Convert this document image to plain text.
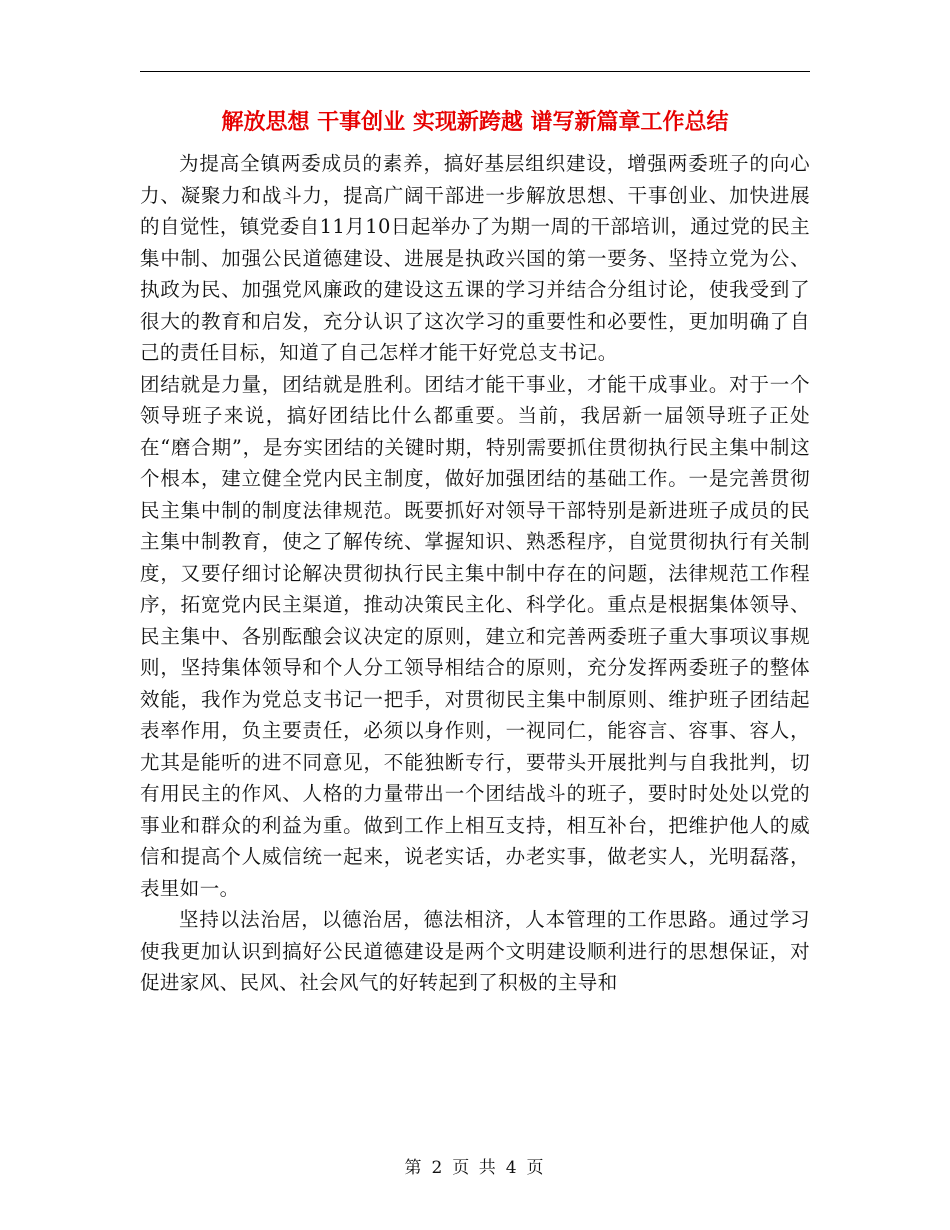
解放思想 干事创业 实现新跨越 谱写新篇章工作总结

为提高全镇两委成员的素养，搞好基层组织建设，增强两委班子的向心力、凝聚力和战斗力，提高广阔干部进一步解放思想、干事创业、加快进展的自觉性，镇党委自11月10日起举办了为期一周的干部培训，通过党的民主集中制、加强公民道德建设、进展是执政兴国的第一要务、坚持立党为公、执政为民、加强党风廉政的建设这五课的学习并结合分组讨论，使我受到了很大的教育和启发，充分认识了这次学习的重要性和必要性，更加明确了自己的责任目标，知道了自己怎样才能干好党总支书记。

团结就是力量，团结就是胜利。团结才能干事业，才能干成事业。对于一个领导班子来说，搞好团结比什么都重要。当前，我居新一届领导班子正处在“磨合期”，是夯实团结的关键时期，特别需要抓住贯彻执行民主集中制这个根本，建立健全党内民主制度，做好加强团结的基础工作。一是完善贯彻民主集中制的制度法律规范。既要抓好对领导干部特别是新进班子成员的民主集中制教育，使之了解传统、掌握知识、熟悉程序，自觉贯彻执行有关制度，又要仔细讨论解决贯彻执行民主集中制中存在的问题，法律规范工作程序，拓宽党内民主渠道，推动决策民主化、科学化。重点是根据集体领导、民主集中、各别酝酿会议决定的原则，建立和完善两委班子重大事项议事规则，坚持集体领导和个人分工领导相结合的原则，充分发挥两委班子的整体效能，我作为党总支书记一把手，对贯彻民主集中制原则、维护班子团结起表率作用，负主要责任，必须以身作则，一视同仁，能容言、容事、容人，尤其是能听的进不同意见，不能独断专行，要带头开展批判与自我批判，切有用民主的作风、人格的力量带出一个团结战斗的班子，要时时处处以党的事业和群众的利益为重。做到工作上相互支持，相互补台，把维护他人的威信和提高个人威信统一起来，说老实话，办老实事，做老实人，光明磊落，表里如一。

坚持以法治居，以德治居，德法相济，人本管理的工作思路。通过学习使我更加认识到搞好公民道德建设是两个文明建设顺利进行的思想保证，对促进家风、民风、社会风气的好转起到了积极的主导和

第 2 页 共 4 页
